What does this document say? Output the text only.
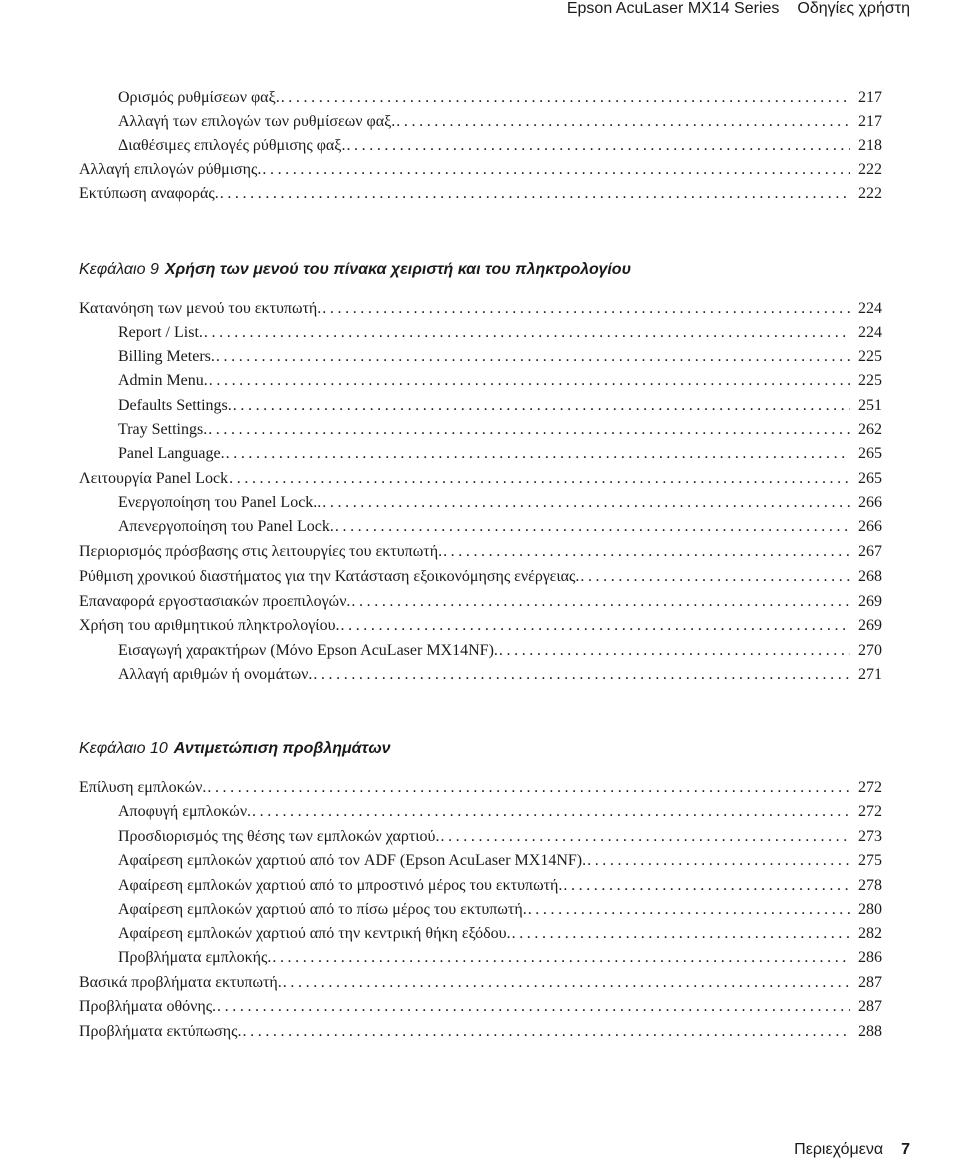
Epson AcuLaser MX14 Series Οδηγίες χρήστη
Ορισμός ρυθμίσεων φαξ. .....	217
Αλλαγή των επιλογών των ρυθμίσεων φαξ. .....	217
Διαθέσιμες επιλογές ρύθμισης φαξ. .....	218
Αλλαγή επιλογών ρύθμισης. .....	222
Εκτύπωση αναφοράς. .....	222
Κεφάλαιο 9 Χρήση των μενού του πίνακα χειριστή και του πληκτρολογίου
Κατανόηση των μενού του εκτυπωτή. .....	224
Report / List. .....	224
Billing Meters. .....	225
Admin Menu. .....	225
Defaults Settings. .....	251
Tray Settings. .....	262
Panel Language. .....	265
Λειτουργία Panel Lock .....	265
Ενεργοποίηση του Panel Lock.. .....	266
Απενεργοποίηση του Panel Lock. .....	266
Περιορισμός πρόσβασης στις λειτουργίες του εκτυπωτή. .....	267
Ρύθμιση χρονικού διαστήματος για την Κατάσταση εξοικονόμησης ενέργειας. .....	268
Επαναφορά εργοστασιακών προεπιλογών. .....	269
Χρήση του αριθμητικού πληκτρολογίου. .....	269
Εισαγωγή χαρακτήρων (Μόνο Epson AcuLaser MX14NF). .....	270
Αλλαγή αριθμών ή ονομάτων. .....	271
Κεφάλαιο 10 Αντιμετώπιση προβλημάτων
Επίλυση εμπλοκών. .....	272
Αποφυγή εμπλοκών. .....	272
Προσδιορισμός της θέσης των εμπλοκών χαρτιού. .....	273
Αφαίρεση εμπλοκών χαρτιού από τον ADF (Epson AcuLaser MX14NF). .....	275
Αφαίρεση εμπλοκών χαρτιού από το μπροστινό μέρος του εκτυπωτή. .....	278
Αφαίρεση εμπλοκών χαρτιού από το πίσω μέρος του εκτυπωτή. .....	280
Αφαίρεση εμπλοκών χαρτιού από την κεντρική θήκη εξόδου. .....	282
Προβλήματα εμπλοκής. .....	286
Βασικά προβλήματα εκτυπωτή. .....	287
Προβλήματα οθόνης. .....	287
Προβλήματα εκτύπωσης. .....	288
Περιεχόμενα 7
